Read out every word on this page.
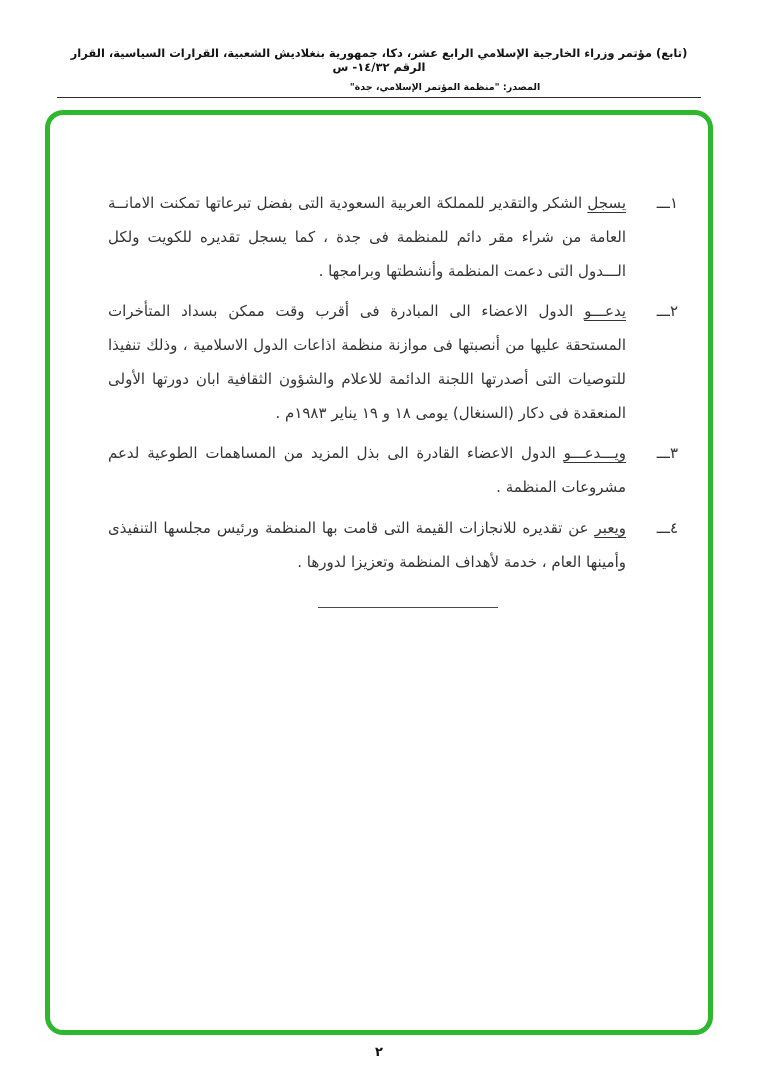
(تابع) مؤتمر وزراء الخارجية الإسلامي الرابع عشر، دكا، جمهورية بنغلاديش الشعبية، القرارات السياسية، القرار الرقم ١٤/٣٢- س
المصدر: "منظمة المؤتمر الإسلامي، جدة"
١ـــ
يسجل الشكر والتقدير للمملكة العربية السعودية التى بفضل تبرعاتها تمكنت الامانــة العامة من شراء مقر دائم للمنظمة فى جدة ، كما يسجل تقديره للكويت ولكل الـــدول التى دعمت المنظمة وأنشطتها وبرامجها .
٢ـــ
يدعـــو الدول الاعضاء الى المبادرة فى أقرب وقت ممكن بسداد المتأخرات المستحقة عليها من أنصبتها فى موازنة منظمة اذاعات الدول الاسلامية ، وذلك تنفيذا للتوصيات التى أصدرتها اللجنة الدائمة للاعلام والشؤون الثقافية ابان دورتها الأولى المنعقدة فى دكار (السنغال) يومى ١٨ و ١٩ يناير ١٩٨٣م .
٣ـــ
ويـــدعـــو الدول الاعضاء القادرة الى بذل المزيد من المساهمات الطوعية لدعم مشروعات المنظمة .
٤ـــ
ويعبر عن تقديره للانجازات القيمة التى قامت بها المنظمة ورئيس مجلسها التنفيذى وأمينها العام ، خدمة لأهداف المنظمة وتعزيزا لدورها .
٢
